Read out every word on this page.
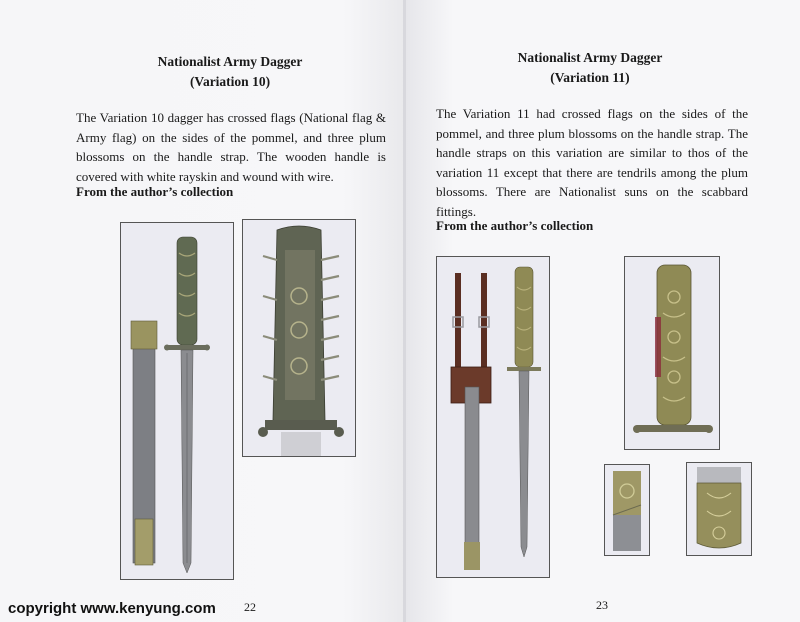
Nationalist Army Dagger
(Variation 10)
The Variation 10 dagger has crossed flags (National flag &
Army flag) on the sides of the pommel, and three plum
blossoms on the handle strap. The wooden handle is
covered with white rayskin and wound with wire.
From the author’s collection
22
Nationalist Army Dagger
(Variation 11)
The Variation 11 had crossed flags on the sides of the
pommel, and three plum blossoms on the handle strap. The
handle straps on this variation are similar to thos of the
variation 11 except that there are tendrils among the plum
blossoms. There are Nationalist suns on the scabbard
fittings.
From the author’s collection
23
copyright www.kenyung.com
